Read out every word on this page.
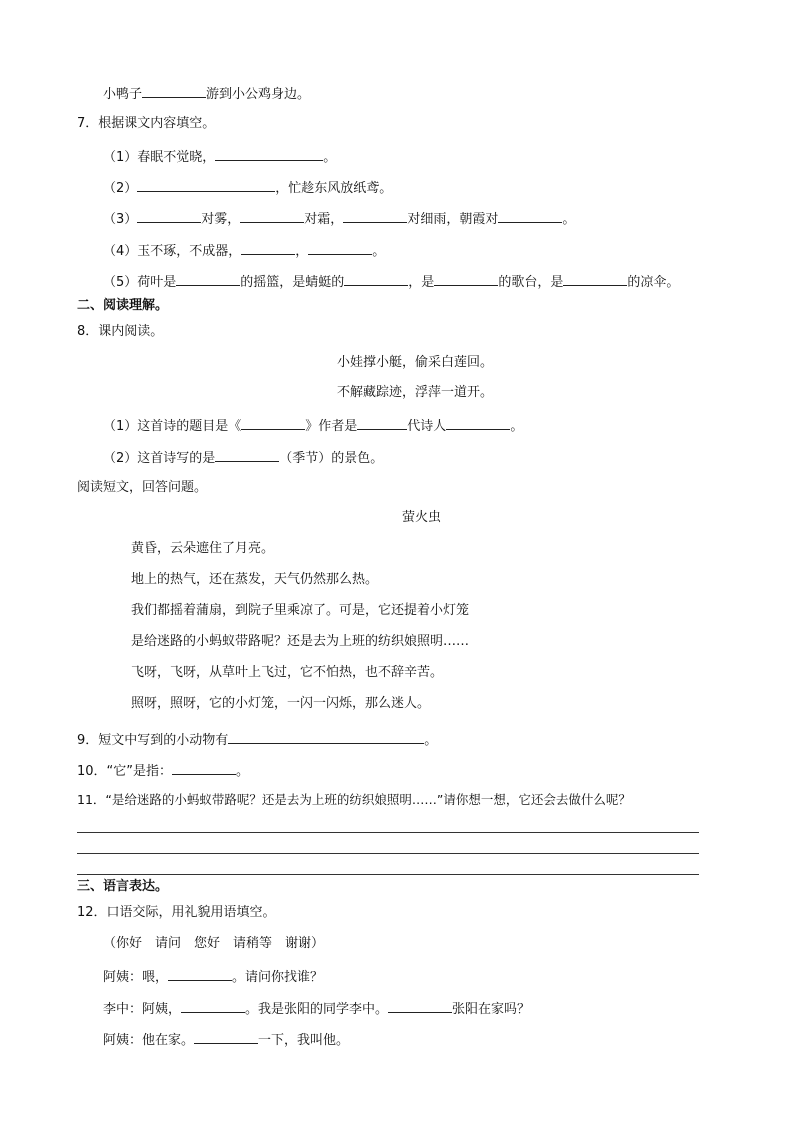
小鸭子	游到小公鸡身边。
7．根据课文内容填空。
（1）春眠不觉晓，	。
（2）	，忙趁东风放纸鸢。
（3）	对雾，	对霜，	对细雨，朝霞对	。
（4）玉不琢，不成器，	，	。
（5）荷叶是	的摇篮，是蜻蜓的	，是	的歌台，是	的凉伞。
二、阅读理解。
8．课内阅读。
小娃撑小艇，偷采白莲回。
不解藏踪迹，浮萍一道开。
（1）这首诗的题目是《	》作者是	代诗人	。
（2）这首诗写的是	（季节）的景色。
阅读短文，回答问题。
萤火虫
黄昏，云朵遮住了月亮。
地上的热气，还在蒸发，天气仍然那么热。
我们都摇着蒲扇，到院子里乘凉了。可是，它还提着小灯笼
是给迷路的小蚂蚁带路呢？还是去为上班的纺织娘照明……
飞呀，飞呀，从草叶上飞过，它不怕热，也不辞辛苦。
照呀，照呀，它的小灯笼，一闪一闪烁，那么迷人。
9．短文中写到的小动物有	。
10．“它”是指：	。
11．“是给迷路的小蚂蚁带路呢？还是去为上班的纺织娘照明……”请你想一想，它还会去做什么呢？
三、语言表达。
12．口语交际，用礼貌用语填空。
（你好　请问　您好　请稍等　谢谢）
阿姨：喂，	。请问你找谁？
李中：阿姨，	。我是张阳的同学李中。	张阳在家吗？
阿姨：他在家。	一下，我叫他。
